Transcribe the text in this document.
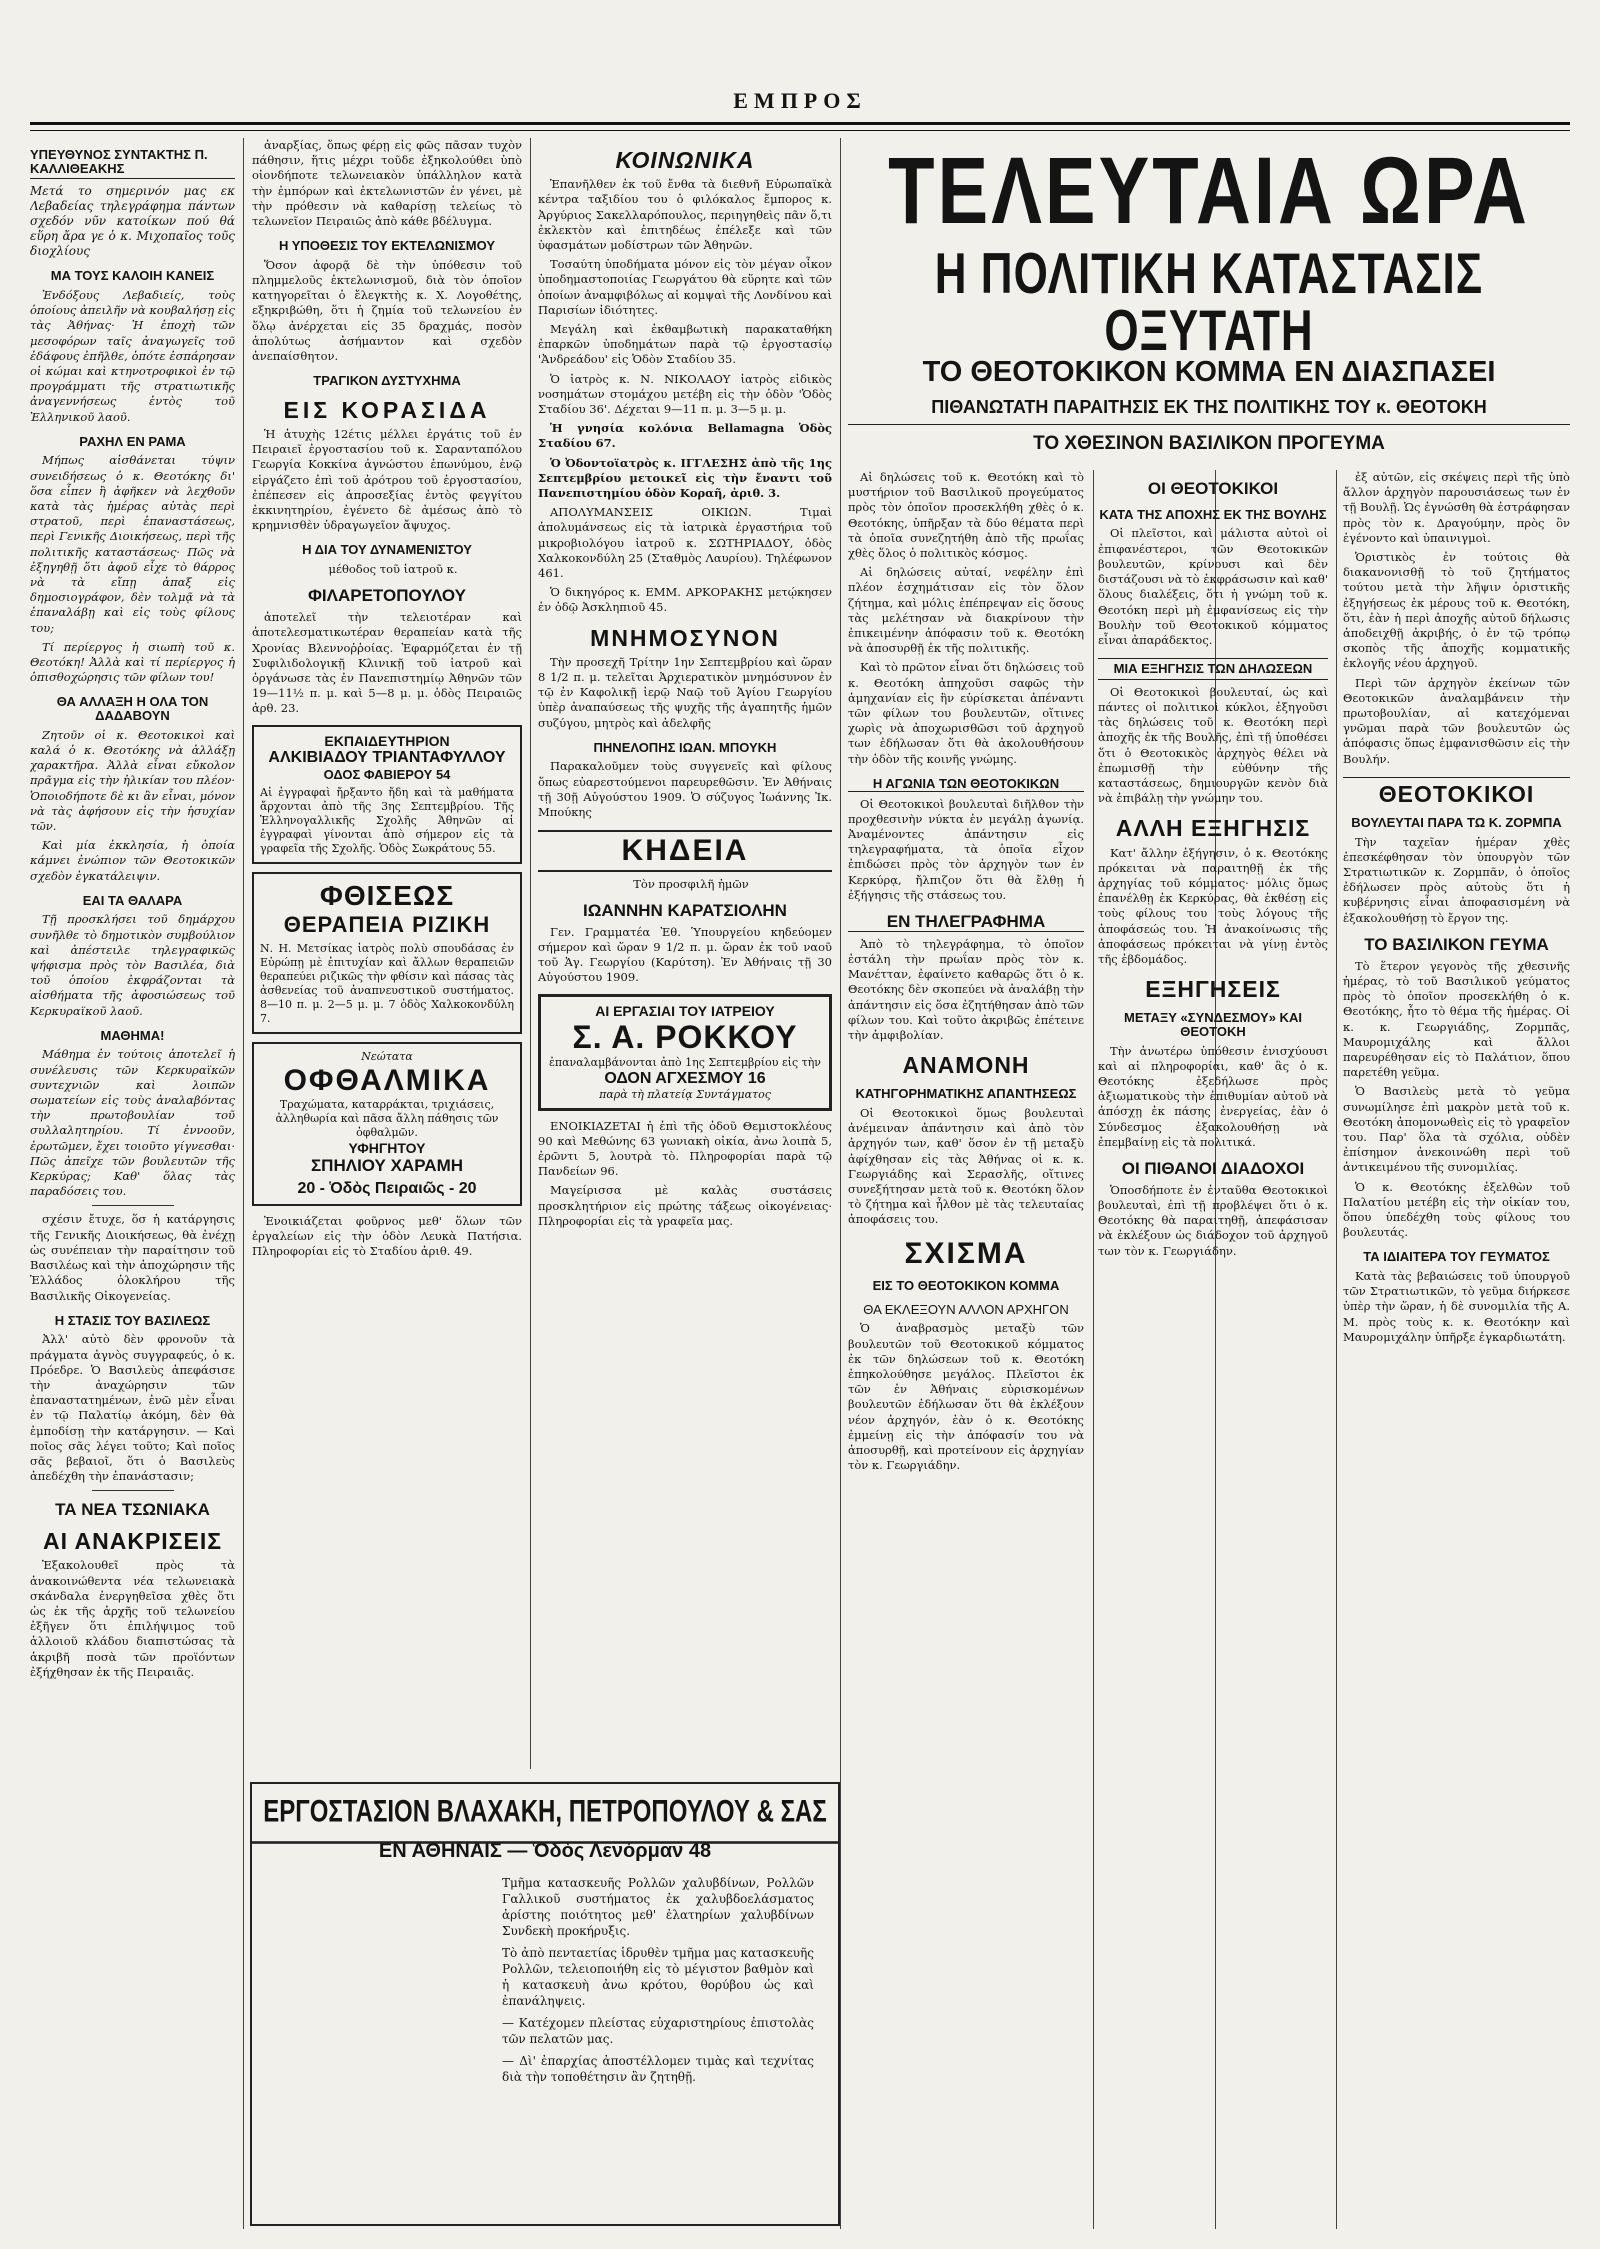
ΕΜΠΡΟΣ
ΥΠΕΥΘΥΝΟΣ ΣΥΝΤΑΚΤΗΣ Π. ΚΑΛΛΙΘΕΑΚΗΣ

Μετά το σημερινόν μας εκ Λεβαδείας τηλεγράφημα πάντων σχεδόν νῦν κατοίκων πού θά εὕρη ἄρα γε ὁ κ. Μιχοπαῖος τοῦς διοχλίους

ΜΑ ΤΟΥΣ ΚΑΛΟΙΗ ΚΑΝΕΙΣ

Ἐνδόξους Λεβαδιείς, τοὺς ὁποίους ἀπειλῆν νὰ κουβαλήσῃ εἰς τὰς Ἀθήνας· Ἡ ἐποχὴ τῶν μεσοφόρων ταῖς ἀναγωγεῖς τοῦ ἐδάφους ἐπῆλθε, ὁπότε ἐσπάρησαν οἱ κώμαι καὶ κτηνοτροφικοὶ ἐν τῷ προγράμματι τῆς στρατιωτικῆς ἀναγεννήσεως ἐντὸς τοῦ Ἐλληνικοῦ λαοῦ.

ΡΑΧΗΛ ΕΝ ΡΑΜΑ

Μήπως αἰσθάνεται τύψιν συνειδήσεως ὁ κ. Θεοτόκης δι' ὅσα εἶπεν ἢ ἀφῆκεν νὰ λεχθοῦν κατὰ τὰς ἡμέρας αὐτὰς περὶ στρατοῦ, περὶ ἐπαναστάσεως, περὶ Γενικῆς Διοικήσεως, περὶ τῆς πολιτικῆς καταστάσεως· Πῶς νὰ ἐξηγηθῇ ὅτι ἀφοῦ εἶχε τὸ θάρρος νὰ τὰ εἴπῃ ἁπαξ εἰς δημοσιογράφον, δὲν τολμᾷ νὰ τὰ ἐπαναλάβῃ καὶ εἰς τοὺς φίλους του;

Τί περίεργος ἡ σιωπὴ τοῦ κ. Θεοτόκη! Ἀλλὰ καὶ τί περίεργος ἡ ὁπισθοχώρησις τῶν φίλων του!

ΘΑ ΑΛΛΑΞΗ Η ΟΛΑ ΤΟΝ ΔΑΔΑΒΟΥΝ

Ζητοῦν οἱ κ. Θεοτοκικοὶ καὶ καλά ὁ κ. Θεοτόκης νὰ ἀλλάξῃ χαρακτῆρα. Ἀλλὰ εἶναι εὔκολον πρᾶγμα εἰς τὴν ἡλικίαν του πλέον· Ὁποιοδήποτε δὲ κι ἂν εἶναι, μόνον νὰ τὰς ἀφήσουν εἰς τὴν ἡσυχίαν τῶν.

Καὶ μία ἐκκλησία, ἡ ὁποία κάμνει ἐνώπιον τῶν Θεοτοκικῶν σχεδὸν ἐγκατάλειψιν.

ΕΑΙ ΤΑ ΘΑΛΑΡΑ

Τῇ προσκλήσει τοῦ δημάρχου συνῆλθε τὸ δημοτικὸν συμβούλιον καὶ ἀπέστειλε τηλεγραφικῶς ψήφισμα πρὸς τὸν Βασιλέα, διὰ τοῦ ὁποίου ἐκφράζονται τὰ αἰσθήματα τῆς ἀφοσιώσεως τοῦ Κερκυραϊκοῦ λαοῦ.

ΜΑΘΗΜΑ!

Μάθημα ἐν τούτοις ἀποτελεῖ ἡ συνέλευσις τῶν Κερκυραϊκῶν συντεχνιῶν καὶ λοιπῶν σωματείων εἰς τοὺς ἀναλαβόντας τὴν πρωτοβουλίαν τοῦ συλλαλητηρίου. Τί ἐννοοῦν, ἐρωτῶμεν, ἔχει τοιοῦτο γίγνεσθαι· Πῶς ἀπεῖχε τῶν βουλευτῶν τῆς Κερκύρας; Καθ' ὅλας τὰς παραδόσεις του.

σχέσιν ἔτυχε, ὅσ ἡ κατάργησις τῆς Γενικῆς Διοικήσεως, θὰ ἐνέχῃ ὡς συνέπειαν τὴν παραίτησιν τοῦ Βασιλέως καὶ τὴν ἀποχώρησιν τῆς Ἐλλάδος ὁλοκλήρου τῆς Βασιλικῆς Οἰκογενείας.

Η ΣΤΑΣΙΣ ΤΟΥ ΒΑΣΙΛΕΩΣ

Ἀλλ' αὐτὸ δὲν φρονοῦν τὰ πράγματα ἀγνὸς συγγραφεύς, ὁ κ. Πρόεδρε. Ὁ Βασιλεὺς ἀπεφάσισε τὴν ἀναχώρησιν τῶν ἐπαναστατημένων, ἐνῶ μὲν εἶναι ἐν τῷ Παλατίῳ ἀκόμη, δὲν θὰ ἐμποδίσῃ τὴν κατάργησιν. — Καὶ ποῖος σᾶς λέγει τοῦτο; Καὶ ποῖος σᾶς βεβαιοῖ, ὅτι ὁ Βασιλεὺς ἀπεδέχθη τὴν ἐπανάστασιν;

ΤΑ ΝΕΑ ΤΣΩΝΙΑΚΑ
ΑΙ ΑΝΑΚΡΙΣΕΙΣ

Ἐξακολουθεῖ πρὸς τὰ ἀνακοινώθεντα νέα τελωνειακὰ σκάνδαλα ἐνεργηθεῖσα χθὲς ὅτι ὡς ἐκ τῆς ἀρχῆς τοῦ τελωνείου ἐξῆγεν ὅτι ἐπιλήψιμος τοῦ ἀλλοιοῦ κλάδου διαπιστώσας τὰ ἀκριβῆ ποσὰ τῶν προϊόντων ἐξήχθησαν ἐκ τῆς Πειραιᾶς.

ἀναρξίας, ὅπως φέρῃ εἰς φῶς πᾶσαν τυχὸν πάθησιν, ἥτις μέχρι τοῦδε ἐξηκολούθει ὑπὸ οἰονδήποτε τελωνειακὸν ὑπάλληλον κατὰ τὴν ἐμπόρων καὶ ἐκτελωνιστῶν ἐν γένει, μὲ τὴν πρόθεσιν νὰ καθαρίσῃ τελείως τὸ τελωνεῖον Πειραιῶς ἀπὸ κάθε βδέλυγμα.

Η ΥΠΟΘΕΣΙΣ ΤΟΥ ΕΚΤΕΛΩΝΙΣΜΟΥ

Ὅσον ἀφορᾷ δὲ τὴν ὑπόθεσιν τοῦ πλημμελοῦς ἐκτελωνισμοῦ, διὰ τὸν ὁποῖον κατηγορεῖται ὁ ἔλεγκτὴς κ. Χ. Λογοθέτης, εξηκριβώθη, ὅτι ἡ ζημία τοῦ τελωνείου ἐν ὅλῳ ἀνέρχεται εἰς 35 δραχμάς, ποσὸν ἀπολύτως ἀσήμαντον καὶ σχεδὸν ἀνεπαίσθητον.

ΤΡΑΓΙΚΟΝ ΔΥΣΤΥΧΗΜΑ
ΕΙΣ ΚΟΡΑΣΙΔΑ

Ἡ ἀτυχὴς 12έτις μέλλει ἐργάτις τοῦ ἐν Πειραιεῖ ἐργοστασίου τοῦ κ. Σαρανταπόλου Γεωργία Κοκκίνα ἀγνώστου ἐπωνύμου, ἐνῷ εἰργάζετο ἐπὶ τοῦ ἀρότρου τοῦ ἐργοστασίου, ἐπέπεσεν εἰς ἀπροσεξίας ἐντὸς φεγγίτου ἐκκινητηρίου, ἐγένετο δὲ ἀμέσως ἀπὸ τὸ κρημνισθὲν ὑδραγωγεῖον ἄψυχος.

Η ΔΙΑ ΤΟΥ ΔΥΝΑΜΕΝΙΣΤΟΥ

μέθοδος τοῦ ἰατροῦ κ.

ΦΙΛΑΡΕΤΟΠΟΥΛΟΥ

ἀποτελεῖ τὴν τελειοτέραν καὶ ἀποτελεσματικωτέραν θεραπείαν κατὰ τῆς Χρονίας Βλεννοῤῥοίας. Ἐφαρμόζεται ἐν τῇ Συφιλιδολογικῇ Κλινικῇ τοῦ ἰατροῦ καὶ ὀργάνωσε τὰς ἐν Πανεπιστημίῳ Ἀθηνῶν τῶν 19—11½ π. μ. καὶ 5—8 μ. μ. ὁδὸς Πειραιῶς ἀρθ. 23.

ΕΚΠΑΙΔΕΥΤΗΡΙΟΝ
ΑΛΚΙΒΙΑΔΟΥ ΤΡΙΑΝΤΑΦΥΛΛΟΥ
ΟΔΟΣ ΦΑΒΙΕΡΟΥ 54
Αἱ ἐγγραφαὶ ἤρξαντο ἤδη καὶ τὰ μαθήματα ἄρχονται ἀπὸ τῆς 3ης Σεπτεμβρίου. Τῆς Ἑλληνογαλλικῆς Σχολῆς Ἀθηνῶν αἱ ἐγγραφαὶ γίνονται ἀπὸ σήμερον εἰς τὰ γραφεῖα τῆς Σχολῆς. Ὁδὸς Σωκράτους 55.
ΦΘΙΣΕΩΣ
ΘΕΡΑΠΕΙΑ ΡΙΖΙΚΗ
Ν. Η. Μετσίκας ἰατρὸς πολὺ σπουδάσας ἐν Εὐρώπῃ μὲ ἐπιτυχίαν καὶ ἄλλων θεραπειῶν θεραπεύει ριζικῶς τὴν φθίσιν καὶ πάσας τὰς ἀσθενείας τοῦ ἀναπνευστικοῦ συστήματος. 8—10 π. μ. 2—5 μ. μ. 7 ὁδὸς Χαλκοκονδύλη 7.
Νεώτατα
ΟΦΘΑΛΜΙΚΑ
Τραχώματα, καταρράκται, τριχιάσεις, ἀλληθωρία καὶ πᾶσα ἄλλη πάθησις τῶν ὀφθαλμῶν.
ΥΦΗΓΗΤΟΥ
ΣΠΗΛΙΟΥ ΧΑΡΑΜΗ
20 - Ὁδὸς Πειραιῶς - 20

Ἐνοικιάζεται φοῦρνος μεθ' ὅλων τῶν ἐργαλείων εἰς τὴν ὁδὸν Λευκὰ Πατήσια. Πληροφορίαι εἰς τὸ Σταδίου ἀριθ. 49.

ΚΟΙΝΩΝΙΚΑ

Ἐπανῆλθεν ἐκ τοῦ ἔνθα τὰ διεθνῆ Εὐρωπαϊκὰ κέντρα ταξιδίου του ὁ φιλόκαλος ἔμπορος κ. Ἀργύριος Σακελλαρόπουλος, περιηγηθεὶς πᾶν ὅ,τι ἐκλεκτὸν καὶ ἐπιτηδέως ἐπέλεξε καὶ τῶν ὑφασμάτων μοδίστρων τῶν Ἀθηνῶν.

Τοσαύτη ὑποδήματα μόνον εἰς τὸν μέγαν οἶκον ὑποδημαστοποιίας Γεωργάτου θὰ εὕρητε καὶ τῶν ὁποίων ἀναμφιβόλως αἱ κομψαὶ τῆς Λονδίνου καὶ Παρισίων ἰδιότητες.

Μεγάλη καὶ ἐκθαμβωτικὴ παρακαταθήκη ἐπαρκῶν ὑποδημάτων παρὰ τῷ ἐργοστασίῳ 'Ἀνδρεάδου' εἰς Ὁδὸν Σταδίου 35.

Ὁ ἰατρὸς κ. Ν. ΝΙΚΟΛΑΟΥ ἰατρὸς εἰδικὸς νοσημάτων στομάχου μετέβη εἰς τὴν ὁδὸν 'Ὁδὸς Σταδίου 36'. Δέχεται 9—11 π. μ. 3—5 μ. μ.

Ἡ γνησία κολόνια Bellamagna Ὁδὸς Σταδίου 67.

Ὁ Ὀδοντοϊατρὸς κ. ΙΓΓΛΕΣΗΣ ἀπὸ τῆς 1ης Σεπτεμβρίου μετοικεῖ εἰς τὴν ἔναντι τοῦ Πανεπιστημίου ὁδὸν Κοραῆ, ἀριθ. 3.

ΑΠΟΛΥΜΑΝΣΕΙΣ ΟΙΚΙΩΝ. Τιμαὶ ἀπολυμάνσεως εἰς τὰ ἰατρικὰ ἐργαστήρια τοῦ μικροβιολόγου ἰατροῦ κ. ΣΩΤΗΡΙΑΔΟΥ, ὁδὸς Χαλκοκονδύλη 25 (Σταθμὸς Λαυρίου). Τηλέφωνον 461.

Ὁ δικηγόρος κ. ΕΜΜ. ΑΡΚΟΡΑΚΗΣ μετῴκησεν ἐν ὁδῷ Ἀσκληπιοῦ 45.

ΜΝΗΜΟΣΥΝΟΝ

Τὴν προσεχῆ Τρίτην 1ην Σεπτεμβρίου καὶ ὥραν 8 1/2 π. μ. τελεῖται Ἀρχιερατικὸν μνημόσυνον ἐν τῷ ἐν Καφολικῇ ἱερῷ Ναῷ τοῦ Ἁγίου Γεωργίου ὑπὲρ ἀναπαύσεως τῆς ψυχῆς τῆς ἀγαπητῆς ἡμῶν συζύγου, μητρὸς καὶ ἀδελφῆς

ΠΗΝΕΛΟΠΗΣ ΙΩΑΝ. ΜΠΟΥΚΗ

Παρακαλοῦμεν τοὺς συγγενεῖς καὶ φίλους ὅπως εὐαρεστούμενοι παρευρεθῶσιν. Ἐν Ἀθήναις τῇ 30ῇ Αὐγούστου 1909. Ὁ σύζυγος Ἰωάννης Ἰκ. Μπούκης

ΚΗΔΕΙΑ

Τὸν προσφιλῆ ἡμῶν

ΙΩΑΝΝΗΝ ΚΑΡΑΤΣΙΟΛΗΝ

Γεν. Γραμματέα Ἐθ. Ὑπουργείου κηδεύομεν σήμερον καὶ ὥραν 9 1/2 π. μ. ὥραν ἐκ τοῦ ναοῦ τοῦ Ἁγ. Γεωργίου (Καρύτση). Ἐν Ἀθήναις τῇ 30 Αὐγούστου 1909.

ΑΙ ΕΡΓΑΣΙΑΙ ΤΟΥ ΙΑΤΡΕΙΟΥ
Σ. Α. ΡΟΚΚΟΥ
ἐπαναλαμβάνονται ἀπὸ 1ης Σεπτεμβρίου εἰς τὴν
ΟΔΟΝ ΑΓΧΕΣΜΟΥ 16
παρὰ τὴ πλατείᾳ Συντάγματος

ΕΝΟΙΚΙΑΖΕΤΑΙ ἡ ἐπὶ τῆς ὁδοῦ Θεμιστοκλέους 90 καὶ Μεθώνης 63 γωνιακὴ οἰκία, ἀνω λοιπὰ 5, ἐρῶντι 5, λουτρὰ τὸ. Πληροφορίαι παρὰ τῷ Πανδείων 96.

Μαγείρισσα μὲ καλὰς συστάσεις προσκλητήριον εἰς πρώτης τάξεως οἰκογένειας· Πληροφορίαι εἰς τὰ γραφεῖα μας.

ΕΡΓΟΣΤΑΣΙΟΝ ΒΛΑΧΑΚΗ, ΠΕΤΡΟΠΟΥΛΟΥ & ΣΑΣ
ΕΝ ΑΘΗΝΑΙΣ — Ὁδὸς Λενόρμαν 48
Τμῆμα κατασκευῆς Ρολλῶν χαλυβδίνων, Ρολλῶν Γαλλικοῦ συστήματος ἐκ χαλυβδοελάσματος ἀρίστης ποιότητος μεθ' ἐλατηρίων χαλυβδίνων Συνδεκὴ προκήρυξις.
Τὸ ἀπὸ πενταετίας ἱδρυθὲν τμῆμα μας κατασκευῆς Ρολλῶν, τελειοποιήθη εἰς τὸ μέγιστον βαθμὸν καὶ ἡ κατασκευὴ ἀνω κρότου, θορύβου ὡς καὶ ἐπανάληψεις.
— Κατέχομεν πλείστας εὐχαριστηρίους ἐπιστολὰς τῶν πελατῶν μας.
— Δὶ' ἐπαρχίας ἀποστέλλομεν τιμὰς καὶ τεχνίτας διὰ τὴν τοποθέτησιν ἂν ζητηθῇ.
ΤΕΛΕΥΤΑΙΑ ΩΡΑ
Η ΠΟΛΙΤΙΚΗ ΚΑΤΑΣΤΑΣΙΣ ΟΞΥΤΑΤΗ
ΤΟ ΘΕΟΤΟΚΙΚΟΝ ΚΟΜΜΑ ΕΝ ΔΙΑΣΠΑΣΕΙ
ΠΙΘΑΝΩΤΑΤΗ ΠΑΡΑΙΤΗΣΙΣ ΕΚ ΤΗΣ ΠΟΛΙΤΙΚΗΣ ΤΟΥ κ. ΘΕΟΤΟΚΗ
ΤΟ ΧΘΕΣΙΝΟΝ ΒΑΣΙΛΙΚΟΝ ΠΡΟΓΕΥΜΑ

Αἱ δηλώσεις τοῦ κ. Θεοτόκη καὶ τὸ μυστήριον τοῦ Βασιλικοῦ προγεύματος πρὸς τὸν ὁποῖον προσεκλήθη χθὲς ὁ κ. Θεοτόκης, ὑπῆρξαν τὰ δύο θέματα περὶ τὰ ὁποῖα συνεζητήθη ἀπὸ τῆς πρωΐας χθὲς ὅλος ὁ πολιτικὸς κόσμος.

Αἱ δηλώσεις αὐταί, νεφέλην ἐπὶ πλέον ἐσχημάτισαν εἰς τὸν ὅλον ζήτημα, καὶ μόλις ἐπέπρεψαν εἰς ὅσους τὰς μελέτησαν νὰ διακρίνουν τὴν ἐπικειμένην ἀπόφασιν τοῦ κ. Θεοτόκη νὰ ἀποσυρθῇ ἐκ τῆς πολιτικῆς.

Καὶ τὸ πρῶτον εἶναι ὅτι δηλώσεις τοῦ κ. Θεοτόκη ἀπηχοῦσι σαφῶς τὴν ἀμηχανίαν εἰς ἣν εὑρίσκεται ἀπέναντι τῶν φίλων του βουλευτῶν, οἵτινες χωρὶς νὰ ἀποχωρισθῶσι τοῦ ἀρχηγοῦ των ἐδήλωσαν ὅτι θὰ ἀκολουθήσουν τὴν ὁδὸν τῆς κοινῆς γνώμης.

Η ΑΓΩΝΙΑ ΤΩΝ ΘΕΟΤΟΚΙΚΩΝ

Οἱ Θεοτοκικοὶ βουλευταὶ διῆλθον τὴν προχθεσινὴν νύκτα ἐν μεγάλῃ ἀγωνίᾳ. Ἀναμένοντες ἀπάντησιν εἰς τηλεγραφήματα, τὰ ὁποῖα εἶχον ἐπιδώσει πρὸς τὸν ἀρχηγὸν των ἐν Κερκύρᾳ, ἤλπιζον ὅτι θὰ ἔλθῃ ἡ ἐξήγησις τῆς στάσεως του.

ΕΝ ΤΗΛΕΓΡΑΦΗΜΑ

Ἀπὸ τὸ τηλεγράφημα, τὸ ὁποῖον ἐστάλη τὴν πρωΐαν πρὸς τὸν κ. Μανέτταν, ἐφαίνετο καθαρῶς ὅτι ὁ κ. Θεοτόκης δὲν σκοπεύει νὰ ἀναλάβῃ τὴν ἀπάντησιν εἰς ὅσα ἐζητήθησαν ἀπὸ τῶν φίλων του. Καὶ τοῦτο ἀκριβῶς ἐπέτεινε τὴν ἀμφιβολίαν.

ΑΝΑΜΟΝΗ
ΚΑΤΗΓΟΡΗΜΑΤΙΚΗΣ ΑΠΑΝΤΗΣΕΩΣ

Οἱ Θεοτοκικοὶ ὅμως βουλευταὶ ἀνέμειναν ἀπάντησιν καὶ ἀπὸ τὸν ἀρχηγόν των, καθ' ὅσον ἐν τῇ μεταξὺ ἀφίχθησαν εἰς τὰς Ἀθήνας οἱ κ. κ. Γεωργιάδης καὶ Σερασλῆς, οἵτινες συνεξήτησαν μετὰ τοῦ κ. Θεοτόκη ὅλον τὸ ζήτημα καὶ ἦλθον μὲ τὰς τελευταίας ἀποφάσεις του.

ΣΧΙΣΜΑ
ΕΙΣ ΤΟ ΘΕΟΤΟΚΙΚΟΝ ΚΟΜΜΑ
ΘΑ ΕΚΛΕΞΟΥΝ ΑΛΛΟΝ ΑΡΧΗΓΟΝ

Ὁ ἀναβρασμὸς μεταξὺ τῶν βουλευτῶν τοῦ Θεοτοκικοῦ κόμματος ἐκ τῶν δηλώσεων τοῦ κ. Θεοτόκη ἐπηκολούθησε μεγάλος. Πλεῖστοι ἐκ τῶν ἐν Ἀθήναις εὑρισκομένων βουλευτῶν ἐδήλωσαν ὅτι θὰ ἐκλέξουν νέον ἀρχηγόν, ἐὰν ὁ κ. Θεοτόκης ἐμμείνῃ εἰς τὴν ἀπόφασίν του νὰ ἀποσυρθῇ, καὶ προτείνουν εἰς ἀρχηγίαν τὸν κ. Γεωργιάδην.

ΟΙ ΘΕΟΤΟΚΙΚΟΙ
ΚΑΤΑ ΤΗΣ ΑΠΟΧΗΣ ΕΚ ΤΗΣ ΒΟΥΛΗΣ

Οἱ πλεῖστοι, καὶ μάλιστα αὐτοὶ οἱ ἐπιφανέστεροι, τῶν Θεοτοκικῶν βουλευτῶν, κρίνουσι καὶ δὲν διστάζουσι νὰ τὸ ἐκφράσωσιν καὶ καθ' ὅλους διαλέξεις, ὅτι ἡ γνώμη τοῦ κ. Θεοτόκη περὶ μὴ ἐμφανίσεως εἰς τὴν Βουλὴν τοῦ Θεοτοκικοῦ κόμματος εἶναι ἀπαράδεκτος.

ΜΙΑ ΕΞΗΓΗΣΙΣ ΤΩΝ ΔΗΛΩΣΕΩΝ

Οἱ Θεοτοκικοὶ βουλευταί, ὡς καὶ πάντες οἱ πολιτικοὶ κύκλοι, ἐξηγοῦσι τὰς δηλώσεις τοῦ κ. Θεοτόκη περὶ ἀποχῆς ἐκ τῆς Βουλῆς, ἐπὶ τῇ ὑποθέσει ὅτι ὁ Θεοτοκικὸς ἀρχηγὸς θέλει νὰ ἐπωμισθῇ τὴν εὐθύνην τῆς καταστάσεως, δημιουργῶν κενὸν διὰ νὰ ἐπιβάλῃ τὴν γνώμην του.

ΑΛΛΗ ΕΞΗΓΗΣΙΣ

Κατ' ἄλλην ἐξήγησιν, ὁ κ. Θεοτόκης πρόκειται νὰ παραιτηθῇ ἐκ τῆς ἀρχηγίας τοῦ κόμματος· μόλις ὅμως ἐπανέλθῃ ἐκ Κερκύρας, θὰ ἐκθέσῃ εἰς τοὺς φίλους του τοὺς λόγους τῆς ἀποφάσεώς του. Ἡ ἀνακοίνωσις τῆς ἀποφάσεως πρόκειται νὰ γίνῃ ἐντὸς τῆς ἑβδομάδος.

ΕΞΗΓΗΣΕΙΣ
ΜΕΤΑΞΥ «ΣΥΝΔΕΣΜΟΥ» ΚΑΙ ΘΕΟΤΟΚΗ

Τὴν ἀνωτέρω ὑπόθεσιν ἐνισχύουσι καὶ αἱ πληροφορίαι, καθ' ἃς ὁ κ. Θεοτόκης ἐξεδήλωσε πρὸς ἀξιωματικοὺς τὴν ἐπιθυμίαν αὐτοῦ νὰ ἀπόσχῃ ἐκ πάσης ἐνεργείας, ἐὰν ὁ Σύνδεσμος ἐξακολουθήσῃ νὰ ἐπεμβαίνῃ εἰς τὰ πολιτικά.

ΟΙ ΠΙΘΑΝΟΙ ΔΙΑΔΟΧΟΙ

Ὁποσδήποτε ἐν ἐνταῦθα Θεοτοκικοὶ βουλευταὶ, ἐπὶ τῇ προβλέψει ὅτι ὁ κ. Θεοτόκης θὰ παραιτηθῇ, ἀπεφάσισαν νὰ ἐκλέξουν ὡς διάδοχον τοῦ ἀρχηγοῦ των τὸν κ. Γεωργιάδην.

ἐξ αὐτῶν, εἰς σκέψεις περὶ τῆς ὑπὸ ἄλλον ἀρχηγὸν παρουσιάσεως των ἐν τῇ Βουλῇ. Ὡς ἐγνώσθη θὰ ἐστράφησαν πρὸς τὸν κ. Δραγούμην, πρὸς ὃν ἐγένοντο καὶ ὑπαινιγμοὶ.

Ὁριστικὸς ἐν τούτοις θὰ διακανονισθῇ τὸ τοῦ ζητήματος τούτου μετὰ τὴν λῆψιν ὁριστικῆς ἐξηγήσεως ἐκ μέρους τοῦ κ. Θεοτόκη, ὅτι, ἐὰν ἡ περὶ ἀποχῆς αὐτοῦ δήλωσις ἀποδειχθῇ ἀκριβής, ὁ ἐν τῷ τρόπῳ σκοπὸς τῆς ἀποχῆς κομματικῆς ἐκλογῆς νέου ἀρχηγοῦ.

Περὶ τῶν ἀρχηγὸν ἐκείνων τῶν Θεοτοκικῶν ἀναλαμβάνειν τὴν πρωτοβουλίαν, αἱ κατεχόμεναι γνῶμαι παρὰ τῶν βουλευτῶν ὡς ἀπόφασις ὅπως ἐμφανισθῶσιν εἰς τὴν Βουλήν.

ΘΕΟΤΟΚΙΚΟΙ
ΒΟΥΛΕΥΤΑΙ ΠΑΡΑ ΤΩ Κ. ΖΟΡΜΠΑ

Τὴν ταχεῖαν ἡμέραν χθὲς ἐπεσκέφθησαν τὸν ὑπουργὸν τῶν Στρατιωτικῶν κ. Ζορμπᾶν, ὁ ὁποῖος ἐδήλωσεν πρὸς αὐτοὺς ὅτι ἡ κυβέρνησις εἶναι ἀποφασισμένη νὰ ἐξακολουθήσῃ τὸ ἔργον της.

ΤΟ ΒΑΣΙΛΙΚΟΝ ΓΕΥΜΑ

Τὸ ἕτερον γεγονὸς τῆς χθεσινῆς ἡμέρας, τὸ τοῦ Βασιλικοῦ γεύματος πρὸς τὸ ὁποῖον προσεκλήθη ὁ κ. Θεοτόκης, ἦτο τὸ θέμα τῆς ἡμέρας. Οἱ κ. κ. Γεωργιάδης, Ζορμπᾶς, Μαυρομιχάλης καὶ ἄλλοι παρευρέθησαν εἰς τὸ Παλάτιον, ὅπου παρετέθη γεῦμα.

Ὁ Βασιλεὺς μετὰ τὸ γεῦμα συνωμίλησε ἐπὶ μακρὸν μετὰ τοῦ κ. Θεοτόκη ἀπομονωθεὶς εἰς τὸ γραφεῖον του. Παρ' ὅλα τὰ σχόλια, οὐδὲν ἐπίσημον ἀνεκοινώθη περὶ τοῦ ἀντικειμένου τῆς συνομιλίας.

Ὁ κ. Θεοτόκης ἐξελθὼν τοῦ Παλατίου μετέβη εἰς τὴν οἰκίαν του, ὅπου ὑπεδέχθη τοὺς φίλους του βουλευτάς.

ΤΑ ΙΔΙΑΙΤΕΡΑ ΤΟΥ ΓΕΥΜΑΤΟΣ

Κατὰ τὰς βεβαιώσεις τοῦ ὑπουργοῦ τῶν Στρατιωτικῶν, τὸ γεῦμα διήρκεσε ὑπὲρ τὴν ὥραν, ἡ δὲ συνομιλία τῆς Α. Μ. πρὸς τοὺς κ. κ. Θεοτόκην καὶ Μαυρομιχάλην ὑπῆρξε ἐγκαρδιωτάτη.
